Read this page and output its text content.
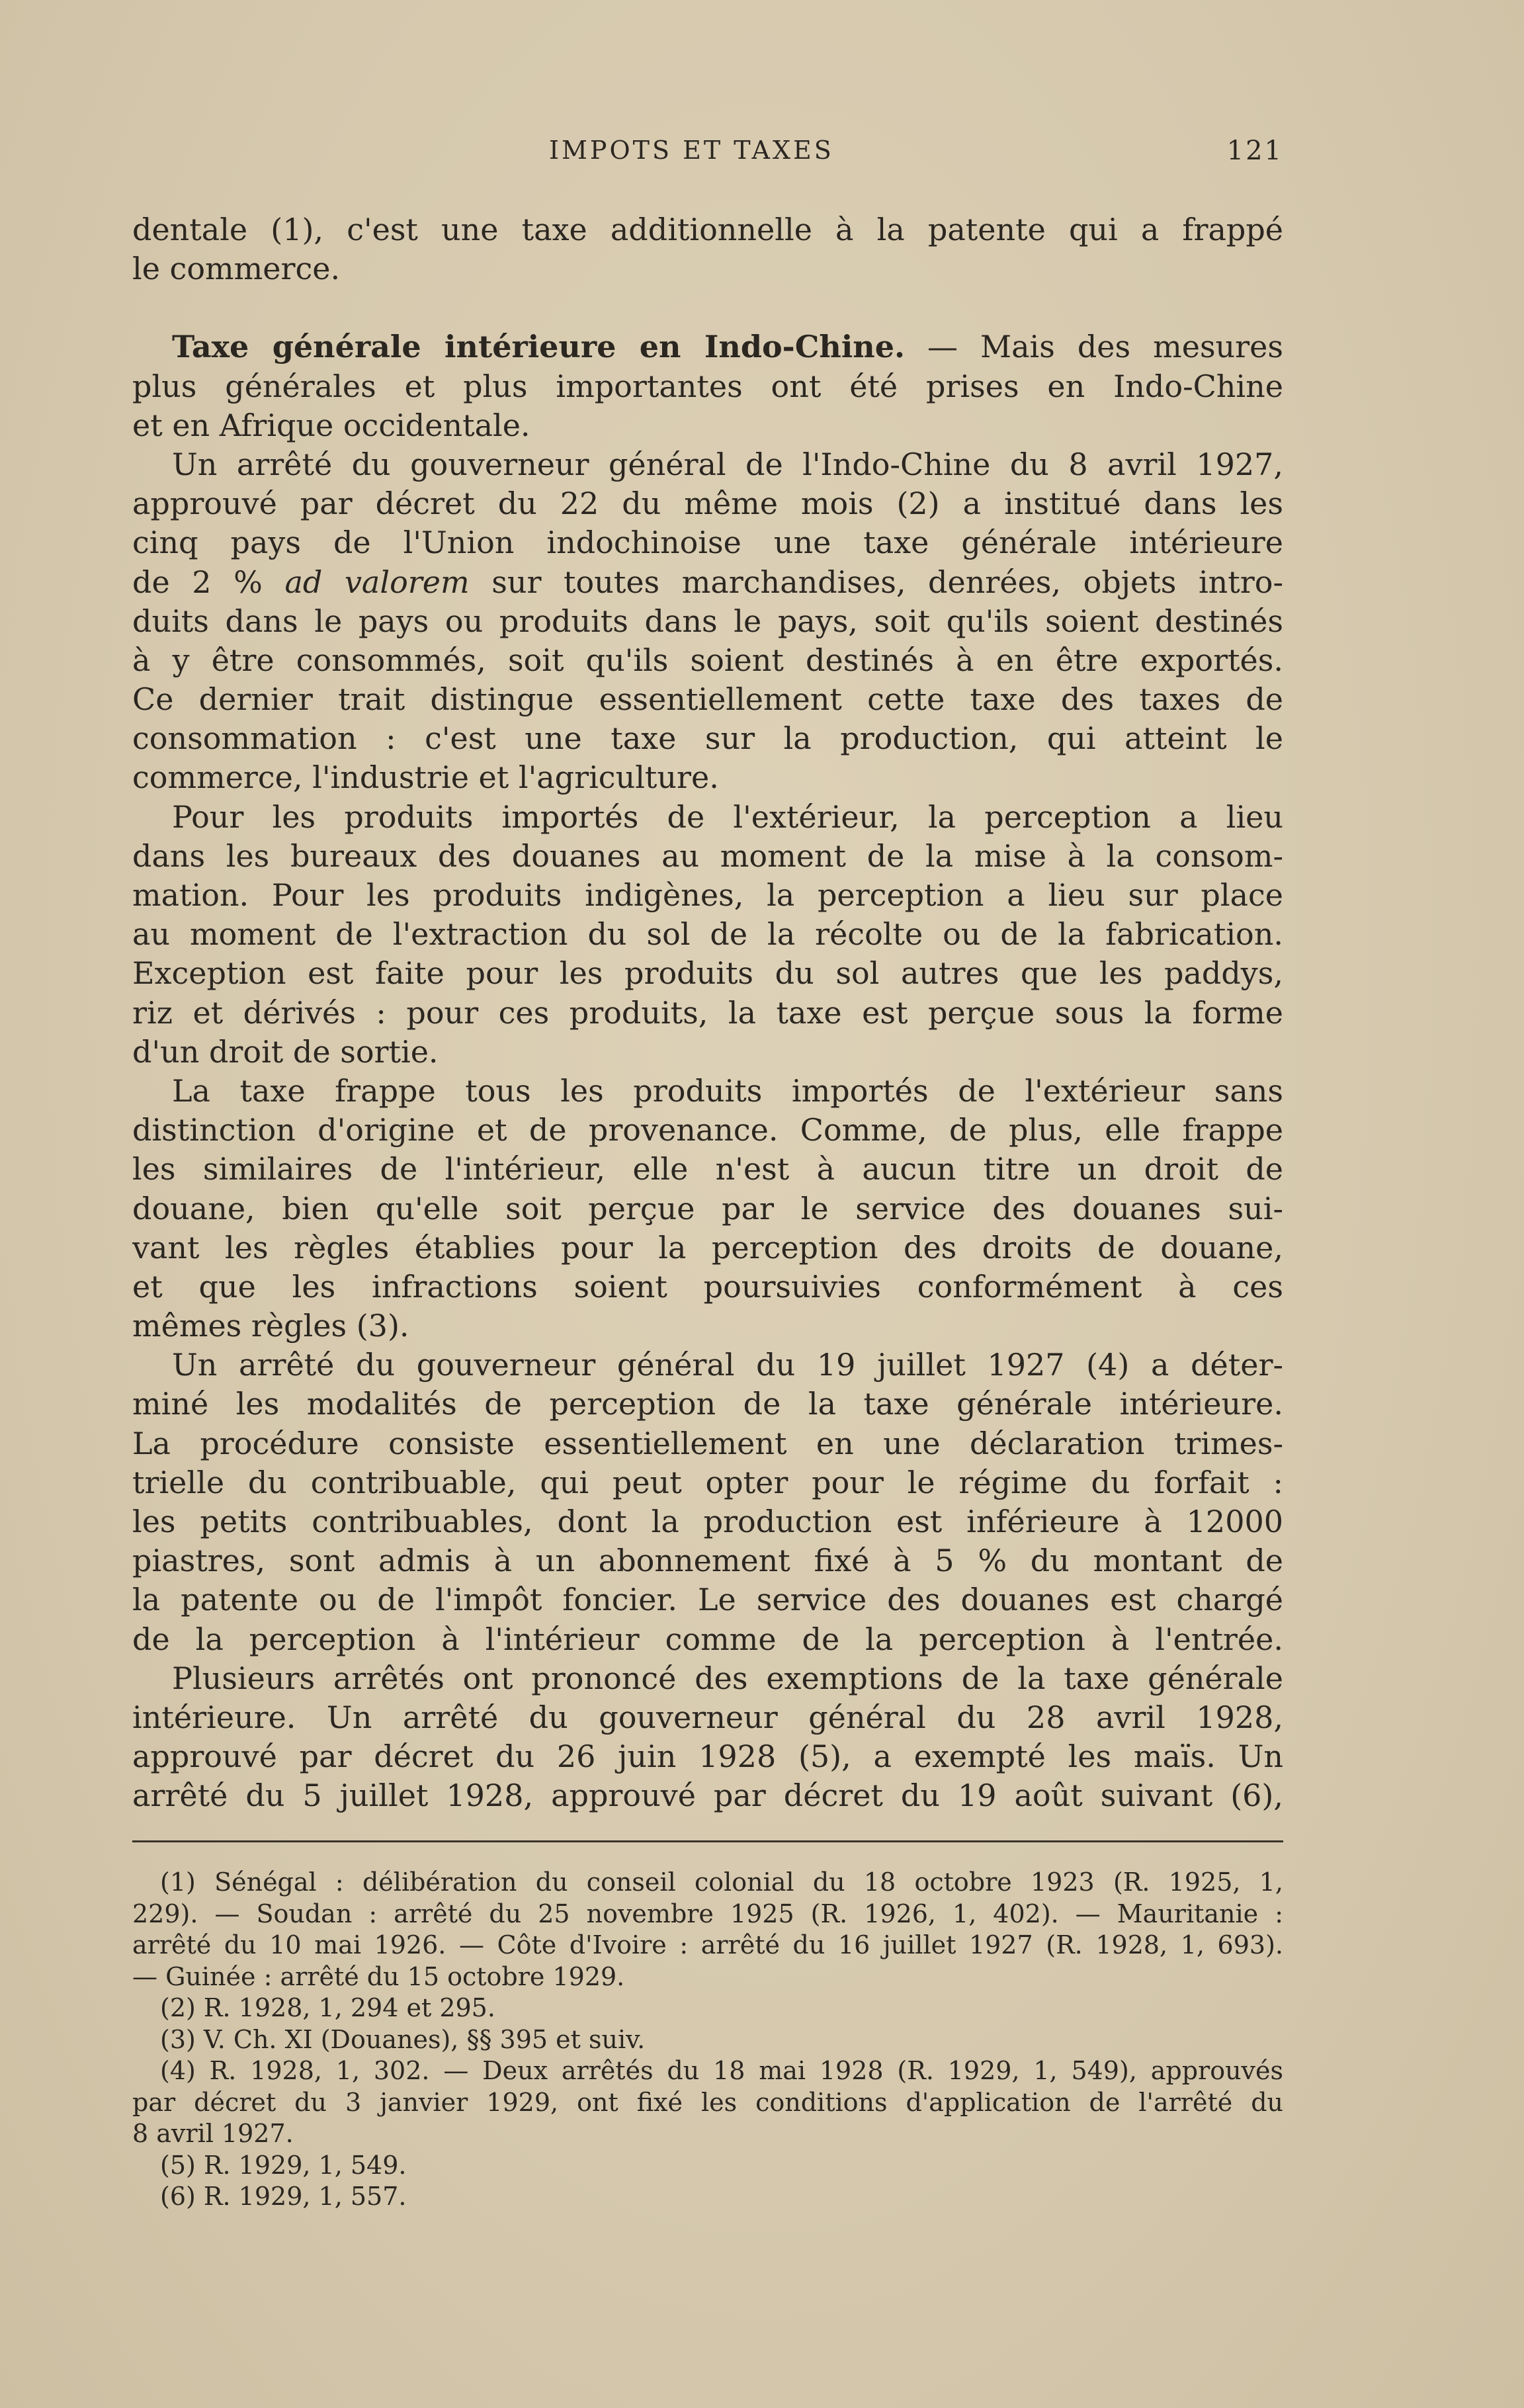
IMPOTS ET TAXES	121
dentale (1), c'est une taxe additionnelle à la patente qui a frappé
le commerce.
Taxe générale intérieure en Indo-Chine. — Mais des mesures
plus générales et plus importantes ont été prises en Indo-Chine
et en Afrique occidentale.
Un arrêté du gouverneur général de l'Indo-Chine du 8 avril 1927,
approuvé par décret du 22 du même mois (2) a institué dans les
cinq pays de l'Union indochinoise une taxe générale intérieure
de 2 % ad valorem sur toutes marchandises, denrées, objets intro-
duits dans le pays ou produits dans le pays, soit qu'ils soient destinés
à y être consommés, soit qu'ils soient destinés à en être exportés.
Ce dernier trait distingue essentiellement cette taxe des taxes de
consommation : c'est une taxe sur la production, qui atteint le
commerce, l'industrie et l'agriculture.
Pour les produits importés de l'extérieur, la perception a lieu
dans les bureaux des douanes au moment de la mise à la consom-
mation. Pour les produits indigènes, la perception a lieu sur place
au moment de l'extraction du sol de la récolte ou de la fabrication.
Exception est faite pour les produits du sol autres que les paddys,
riz et dérivés : pour ces produits, la taxe est perçue sous la forme
d'un droit de sortie.
La taxe frappe tous les produits importés de l'extérieur sans
distinction d'origine et de provenance. Comme, de plus, elle frappe
les similaires de l'intérieur, elle n'est à aucun titre un droit de
douane, bien qu'elle soit perçue par le service des douanes sui-
vant les règles établies pour la perception des droits de douane,
et que les infractions soient poursuivies conformément à ces
mêmes règles (3).
Un arrêté du gouverneur général du 19 juillet 1927 (4) a déter-
miné les modalités de perception de la taxe générale intérieure.
La procédure consiste essentiellement en une déclaration trimes-
trielle du contribuable, qui peut opter pour le régime du forfait :
les petits contribuables, dont la production est inférieure à 12000
piastres, sont admis à un abonnement fixé à 5 % du montant de
la patente ou de l'impôt foncier. Le service des douanes est chargé
de la perception à l'intérieur comme de la perception à l'entrée.
Plusieurs arrêtés ont prononcé des exemptions de la taxe générale
intérieure. Un arrêté du gouverneur général du 28 avril 1928,
approuvé par décret du 26 juin 1928 (5), a exempté les maïs. Un
arrêté du 5 juillet 1928, approuvé par décret du 19 août suivant (6),
(1) Sénégal : délibération du conseil colonial du 18 octobre 1923 (R. 1925, 1,
229). — Soudan : arrêté du 25 novembre 1925 (R. 1926, 1, 402). — Mauritanie :
arrêté du 10 mai 1926. — Côte d'Ivoire : arrêté du 16 juillet 1927 (R. 1928, 1, 693).
— Guinée : arrêté du 15 octobre 1929.
(2) R. 1928, 1, 294 et 295.
(3) V. Ch. XI (Douanes), §§ 395 et suiv.
(4) R. 1928, 1, 302. — Deux arrêtés du 18 mai 1928 (R. 1929, 1, 549), approuvés
par décret du 3 janvier 1929, ont fixé les conditions d'application de l'arrêté du
8 avril 1927.
(5) R. 1929, 1, 549.
(6) R. 1929, 1, 557.
